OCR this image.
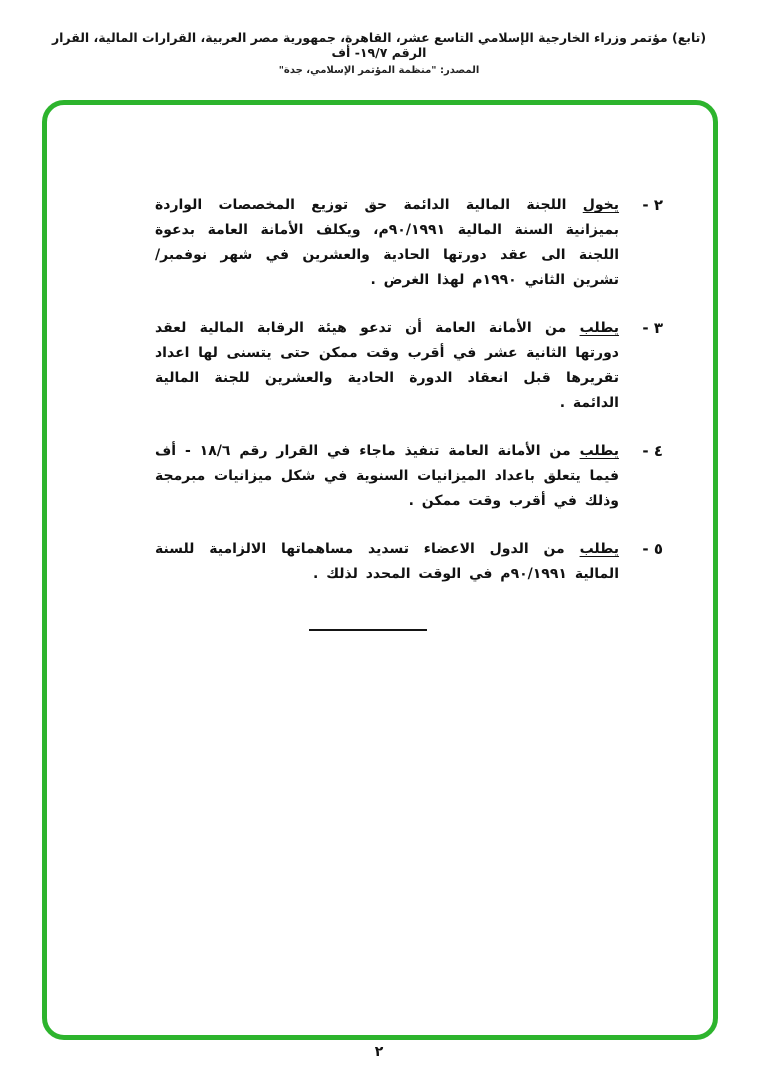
(تابع) مؤتمر وزراء الخارجية الإسلامي التاسع عشر، القاهرة، جمهورية مصر العربية، القرارات المالية، القرار الرقم ١٩/٧- أف
المصدر: "منظمة المؤتمر الإسلامي، جدة"
٢ -

يخول اللجنة المالية الدائمة حق توزيع المخصصات الواردة بميزانية السنة المالية ٩٠/١٩٩١م، ويكلف الأمانة العامة بدعوة اللجنة الى عقد دورتها الحادية والعشرين في شهر نوفمبر/تشرين الثاني ١٩٩٠م لهذا الغرض .

٣ -

يطلب من الأمانة العامة أن تدعو هيئة الرقابة المالية لعقد دورتها الثانية عشر في أقرب وقت ممكن حتى يتسنى لها اعداد تقريرها قبل انعقاد الدورة الحادية والعشرين للجنة المالية الدائمة .

٤ -

يطلب من الأمانة العامة تنفيذ ماجاء في القرار رقم ١٨/٦ - أف فيما يتعلق باعداد الميزانيات السنوية في شكل ميزانيات مبرمجة وذلك في أقرب وقت ممكن .

٥ -

يطلب من الدول الاعضاء تسديد مساهماتها الالزامية للسنة المالية ٩٠/١٩٩١م في الوقت المحدد لذلك .

٢
